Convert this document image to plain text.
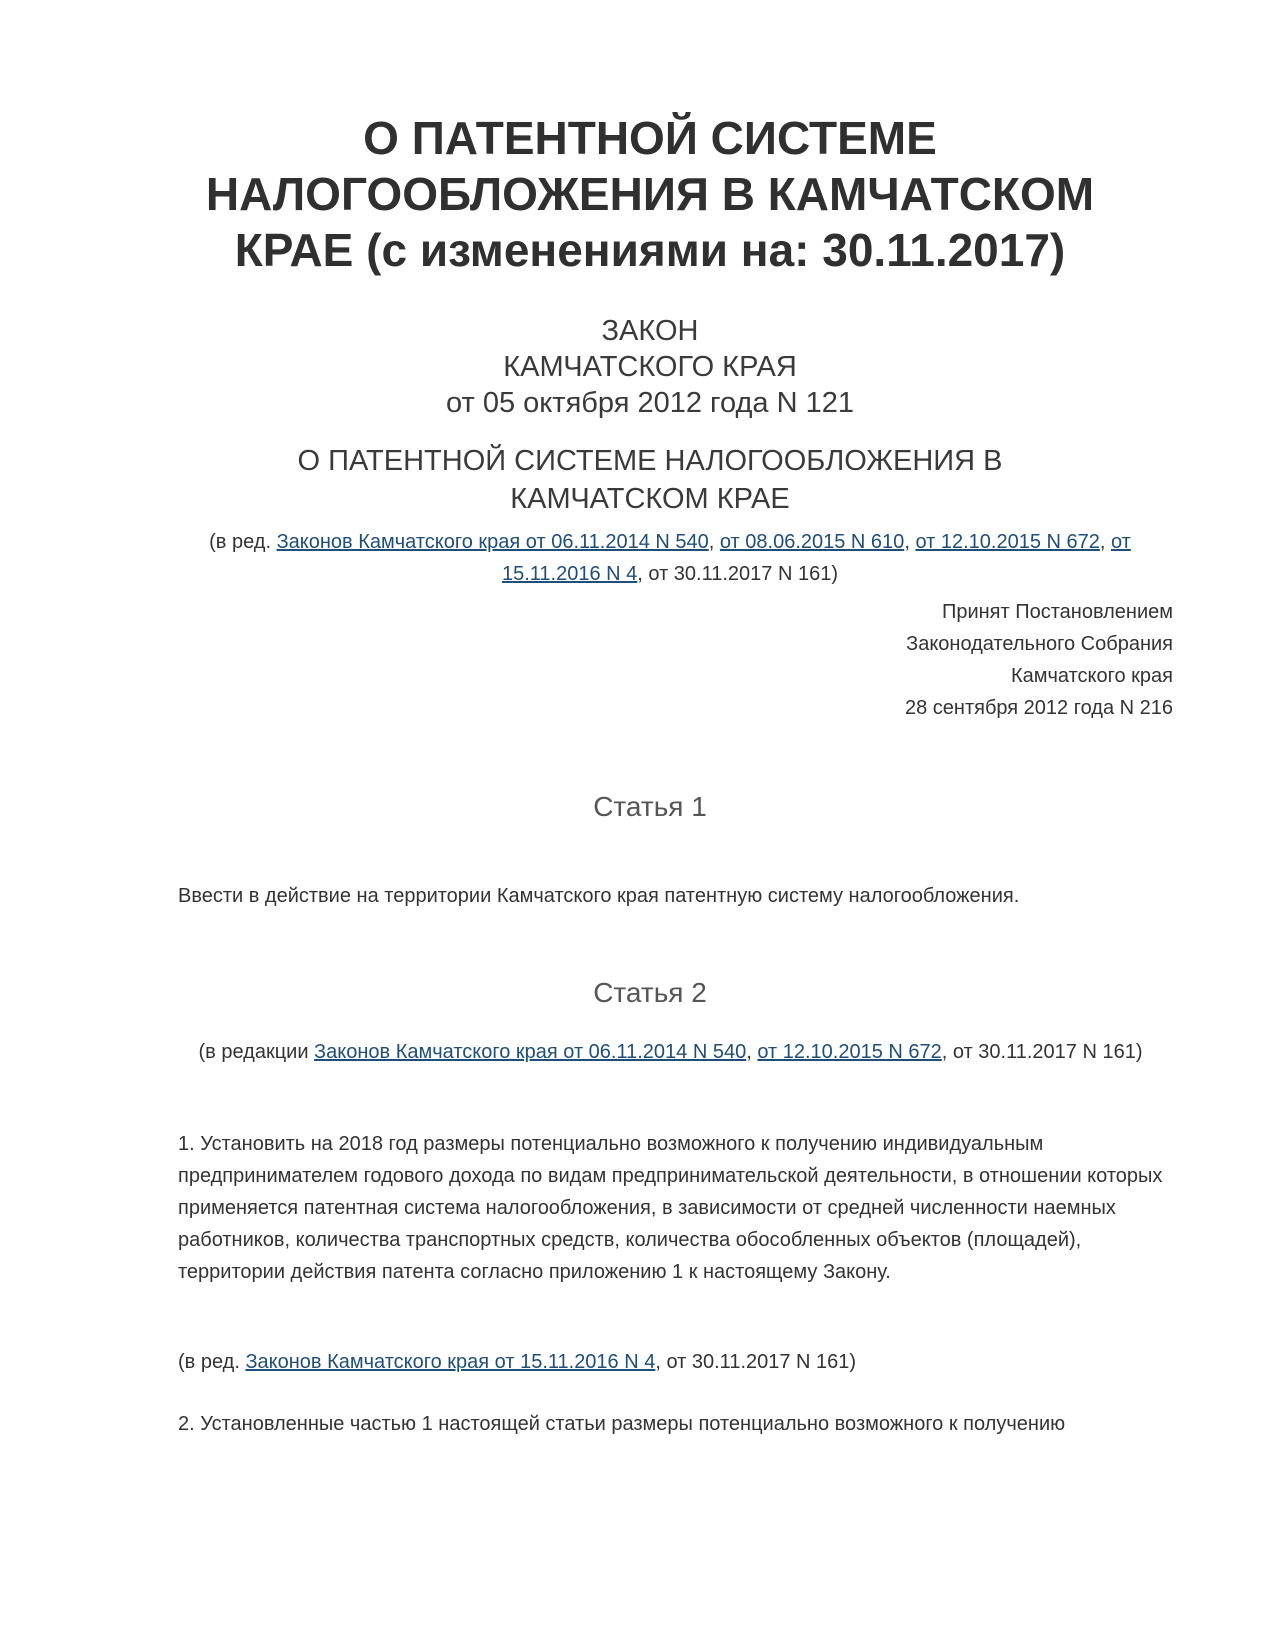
О ПАТЕНТНОЙ СИСТЕМЕ НАЛОГООБЛОЖЕНИЯ В КАМЧАТСКОМ КРАЕ (с изменениями на: 30.11.2017)
ЗАКОН
КАМЧАТСКОГО КРАЯ
от 05 октября 2012 года N 121
О ПАТЕНТНОЙ СИСТЕМЕ НАЛОГООБЛОЖЕНИЯ В КАМЧАТСКОМ КРАЕ
(в ред. Законов Камчатского края от 06.11.2014 N 540, от 08.06.2015 N 610, от 12.10.2015 N 672, от 15.11.2016 N 4, от 30.11.2017 N 161)
Принят Постановлением
Законодательного Собрания
Камчатского края
28 сентября 2012 года N 216
Статья 1
Ввести в действие на территории Камчатского края патентную систему налогообложения.
Статья 2
(в редакции Законов Камчатского края от 06.11.2014 N 540, от 12.10.2015 N 672, от 30.11.2017 N 161)
1. Установить на 2018 год размеры потенциально возможного к получению индивидуальным предпринимателем годового дохода по видам предпринимательской деятельности, в отношении которых применяется патентная система налогообложения, в зависимости от средней численности наемных работников, количества транспортных средств, количества обособленных объектов (площадей), территории действия патента согласно приложению 1 к настоящему Закону.
(в ред. Законов Камчатского края от 15.11.2016 N 4, от 30.11.2017 N 161)
2. Установленные частью 1 настоящей статьи размеры потенциально возможного к получению
